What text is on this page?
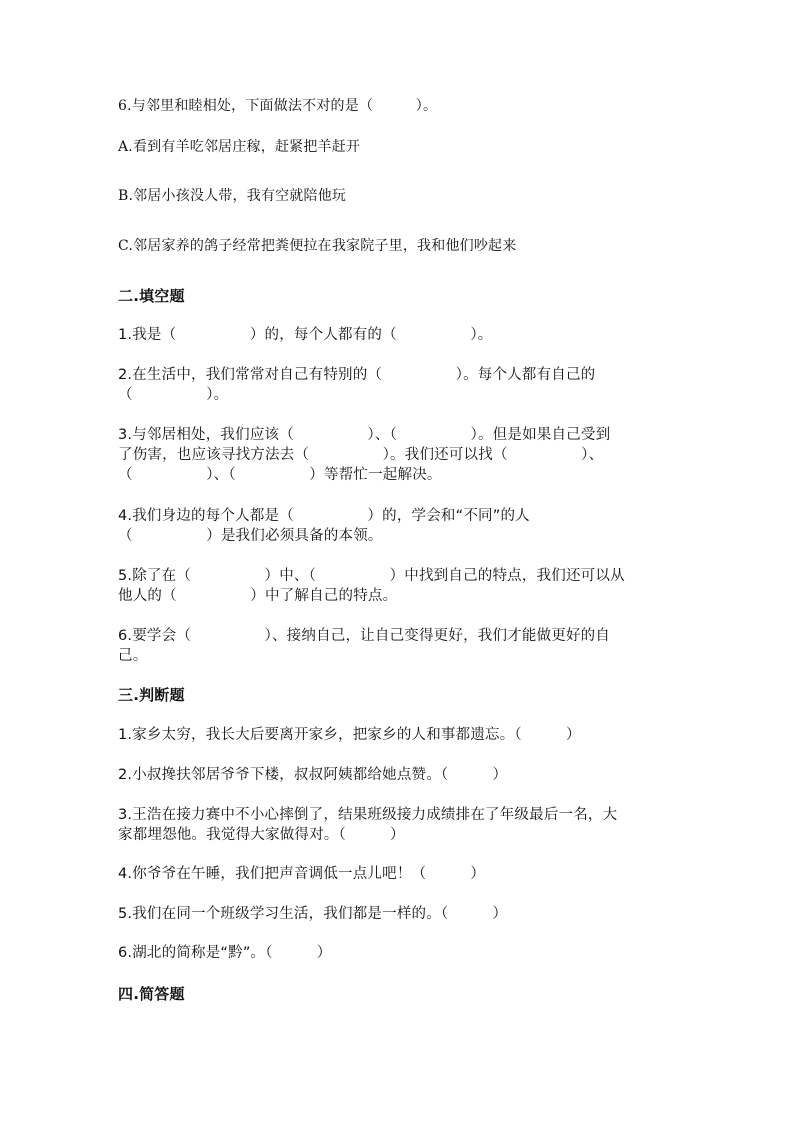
6.与邻里和睦相处，下面做法不对的是（　　　）。

A.看到有羊吃邻居庄稼，赶紧把羊赶开

B.邻居小孩没人带，我有空就陪他玩

C.邻居家养的鸽子经常把粪便拉在我家院子里，我和他们吵起来

二.填空题

1.我是（　　　　　）的，每个人都有的（　　　　　）。

2.在生活中，我们常常对自己有特别的（　　　　　）。每个人都有自己的

（　　　　　）。

3.与邻居相处，我们应该（　　　　　）、（　　　　　）。但是如果自己受到

了伤害，也应该寻找方法去（　　　　　）。我们还可以找（　　　　　）、

（　　　　　）、（　　　　　）等帮忙一起解决。

4.我们身边的每个人都是（　　　　　）的，学会和“不同”的人

（　　　　　）是我们必须具备的本领。

5.除了在（　　　　　）中、（　　　　　）中找到自己的特点，我们还可以从

他人的（　　　　　）中了解自己的特点。

6.要学会（　　　　　）、接纳自己，让自己变得更好，我们才能做更好的自

己。

三.判断题

1.家乡太穷，我长大后要离开家乡，把家乡的人和事都遗忘。（　　　）

2.小叔搀扶邻居爷爷下楼，叔叔阿姨都给她点赞。（　　　）

3.王浩在接力赛中不小心摔倒了，结果班级接力成绩排在了年级最后一名，大

家都埋怨他。我觉得大家做得对。（　　　）

4.你爷爷在午睡，我们把声音调低一点儿吧！（　　　）

5.我们在同一个班级学习生活，我们都是一样的。（　　　）

6.湖北的简称是“黔”。（　　　）

四.简答题
